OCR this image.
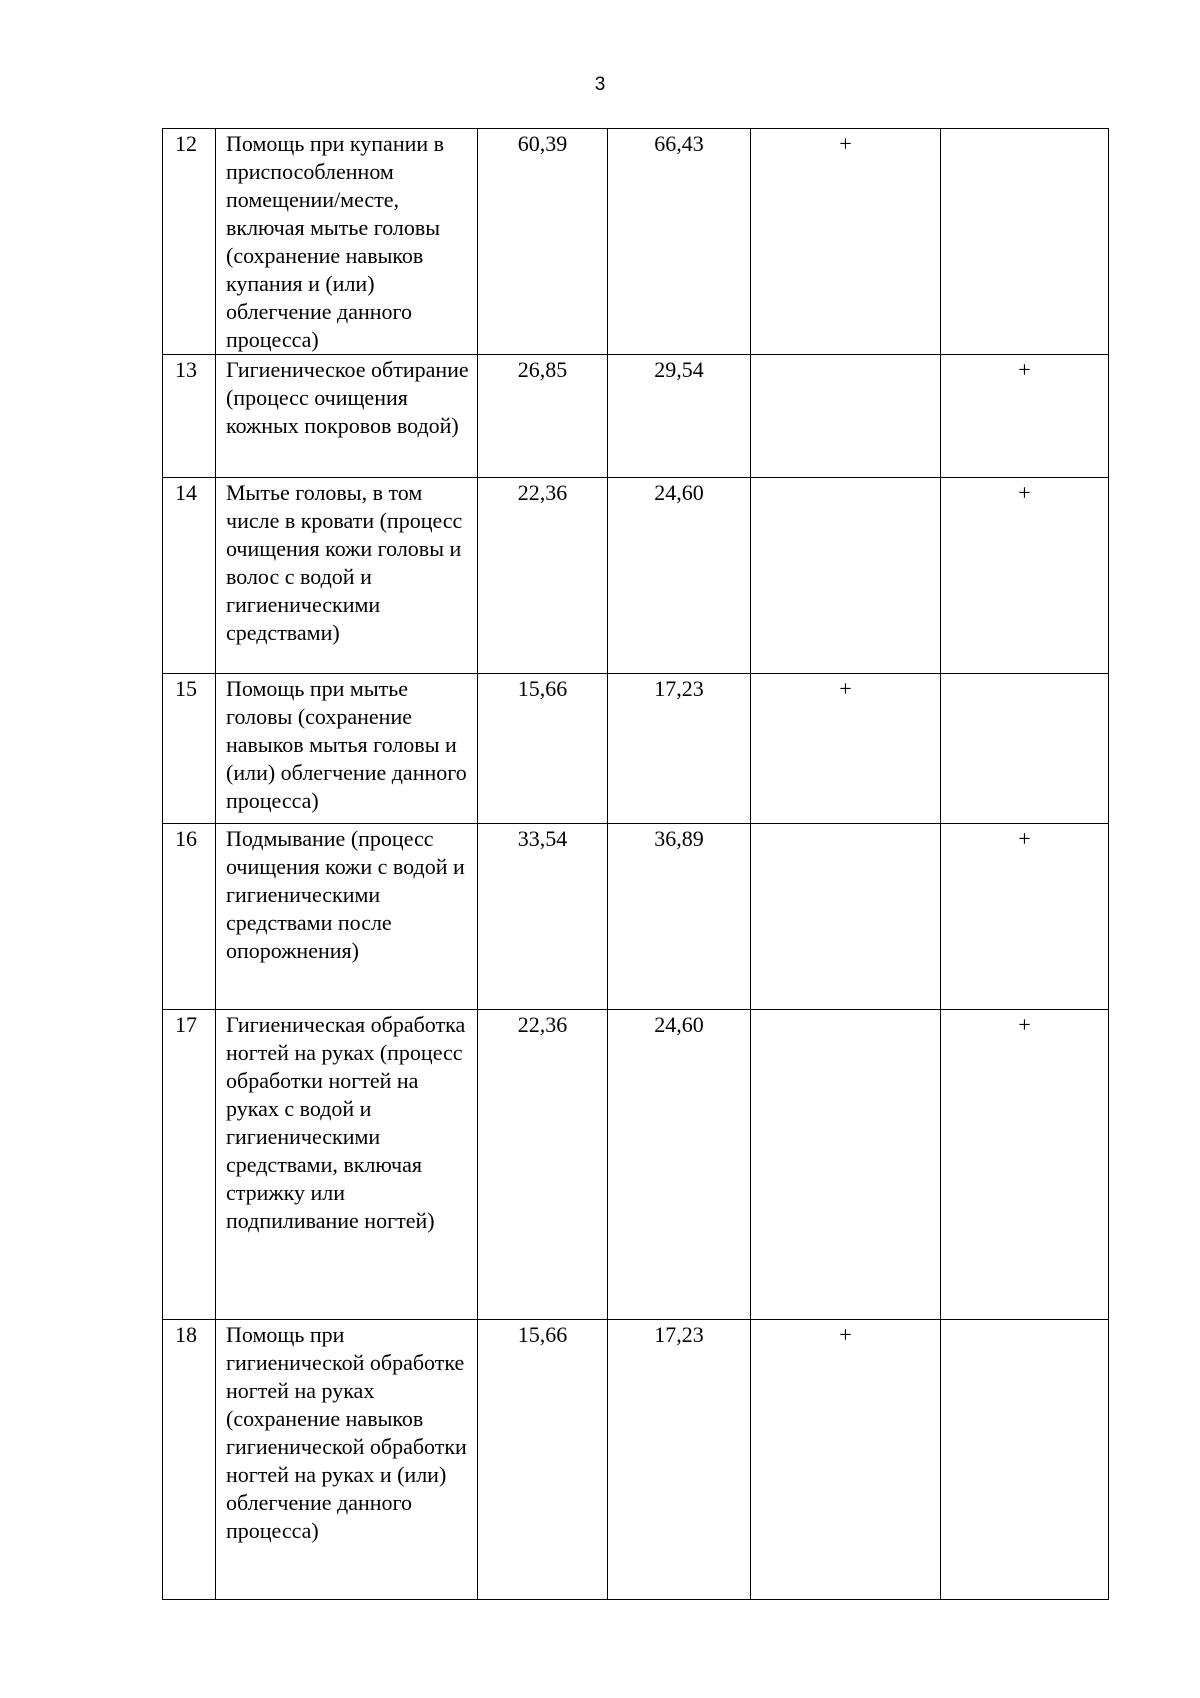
3
12	Помощь при купании в приспособленном помещении/месте, включая мытье головы (сохранение навыков купания и (или) облегчение данного процесса)	60,39	66,43	+	
13	Гигиеническое обтирание (процесс очищения кожных покровов водой)	26,85	29,54		+
14	Мытье головы, в том числе в кровати (процесс очищения кожи головы и волос с водой и гигиеническими средствами)	22,36	24,60		+
15	Помощь при мытье головы (сохранение навыков мытья головы и (или) облегчение данного процесса)	15,66	17,23	+	
16	Подмывание (процесс очищения кожи с водой и гигиеническими средствами после опорожнения)	33,54	36,89		+
17	Гигиеническая обработка ногтей на руках (процесс обработки ногтей на руках с водой и гигиеническими средствами, включая стрижку или подпиливание ногтей)	22,36	24,60		+
18	Помощь при гигиенической обработке ногтей на руках (сохранение навыков гигиенической обработки ногтей на руках и (или) облегчение данного процесса)	15,66	17,23	+	
